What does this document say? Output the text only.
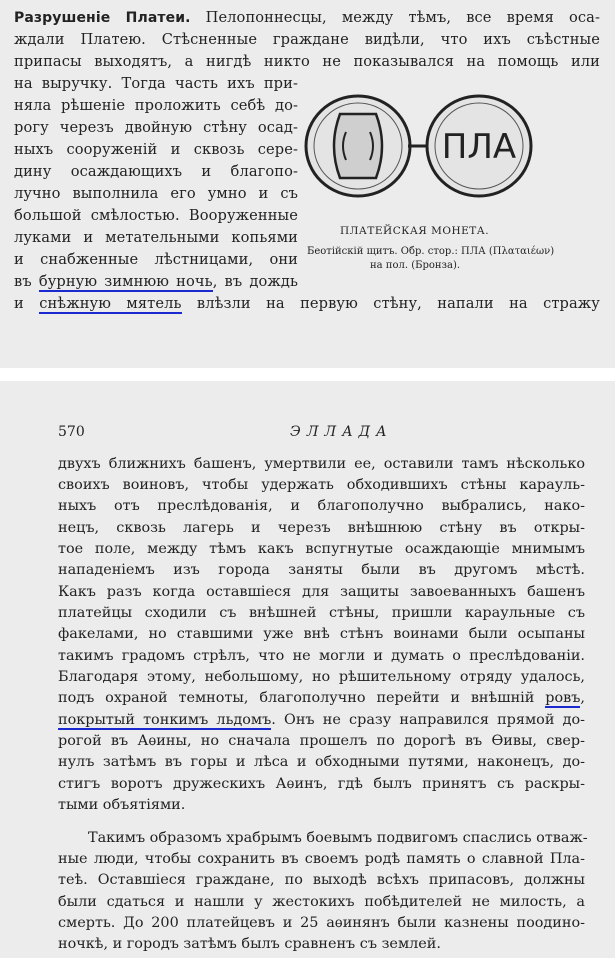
Разрушеніе Платеи. Пелопоннесцы, между тѣмъ, все время оса-
ждали Платею. Стѣсненные граждане видѣли, что ихъ съѣстные
припасы выходятъ, а нигдѣ никто не показывался на помощь или
на выручку. Тогда часть ихъ при-
няла рѣшеніе проложить себѣ до-
рогу черезъ двойную стѣну осад-
ныхъ сооруженій и сквозь сере-
дину осаждающихъ и благопо-
лучно выполнила его умно и съ
большой смѣлостью. Вооруженные
луками и метательными копьями
и снабженные лѣстницами, они
въ бурную зимнюю ночь, въ дождь
и снѣжную мятель влѣзли на первую стѣну, напали на стражу
ПЛА
ПЛАТЕЙСКАЯ МОНЕТА.
Беотійскій щитъ. Обр. стор.: ПЛА (Πλαταιέων)
на пол. (Бронза).
570	ЭЛЛАДА
двухъ ближнихъ башенъ, умертвили ее, оставили тамъ нѣсколько
своихъ воиновъ, чтобы удержать обходившихъ стѣны карауль-
ныхъ отъ преслѣдованія, и благополучно выбрались, нако-
нецъ, сквозь лагерь и черезъ внѣшнюю стѣну въ откры-
тое поле, между тѣмъ какъ вспугнутые осаждающіе мнимымъ
нападеніемъ изъ города заняты были въ другомъ мѣстѣ.
Какъ разъ когда оставшіеся для защиты завоеванныхъ башенъ
платейцы сходили съ внѣшней стѣны, пришли караульные съ
факелами, но ставшими уже внѣ стѣнъ воинами были осыпаны
такимъ градомъ стрѣлъ, что не могли и думать о преслѣдованіи.
Благодаря этому, небольшому, но рѣшительному отряду удалось,
подъ охраной темноты, благополучно перейти и внѣшній ровъ,
покрытый тонкимъ льдомъ. Онъ не сразу направился прямой до-
рогой въ Аѳины, но сначала прошелъ по дорогѣ въ Ѳивы, свер-
нулъ затѣмъ въ горы и лѣса и обходными путями, наконецъ, до-
стигъ воротъ дружескихъ Аѳинъ, гдѣ былъ принятъ съ раскры-
тыми объятіями.
Такимъ образомъ храбрымъ боевымъ подвигомъ спаслись отваж-
ные люди, чтобы сохранить въ своемъ родѣ память о славной Пла-
теѣ. Оставшіеся граждане, по выходѣ всѣхъ припасовъ, должны
были сдаться и нашли у жестокихъ побѣдителей не милость, а
смерть. До 200 платейцевъ и 25 аѳинянъ были казнены поодино-
ночкѣ, и городъ затѣмъ былъ сравненъ съ землей.
